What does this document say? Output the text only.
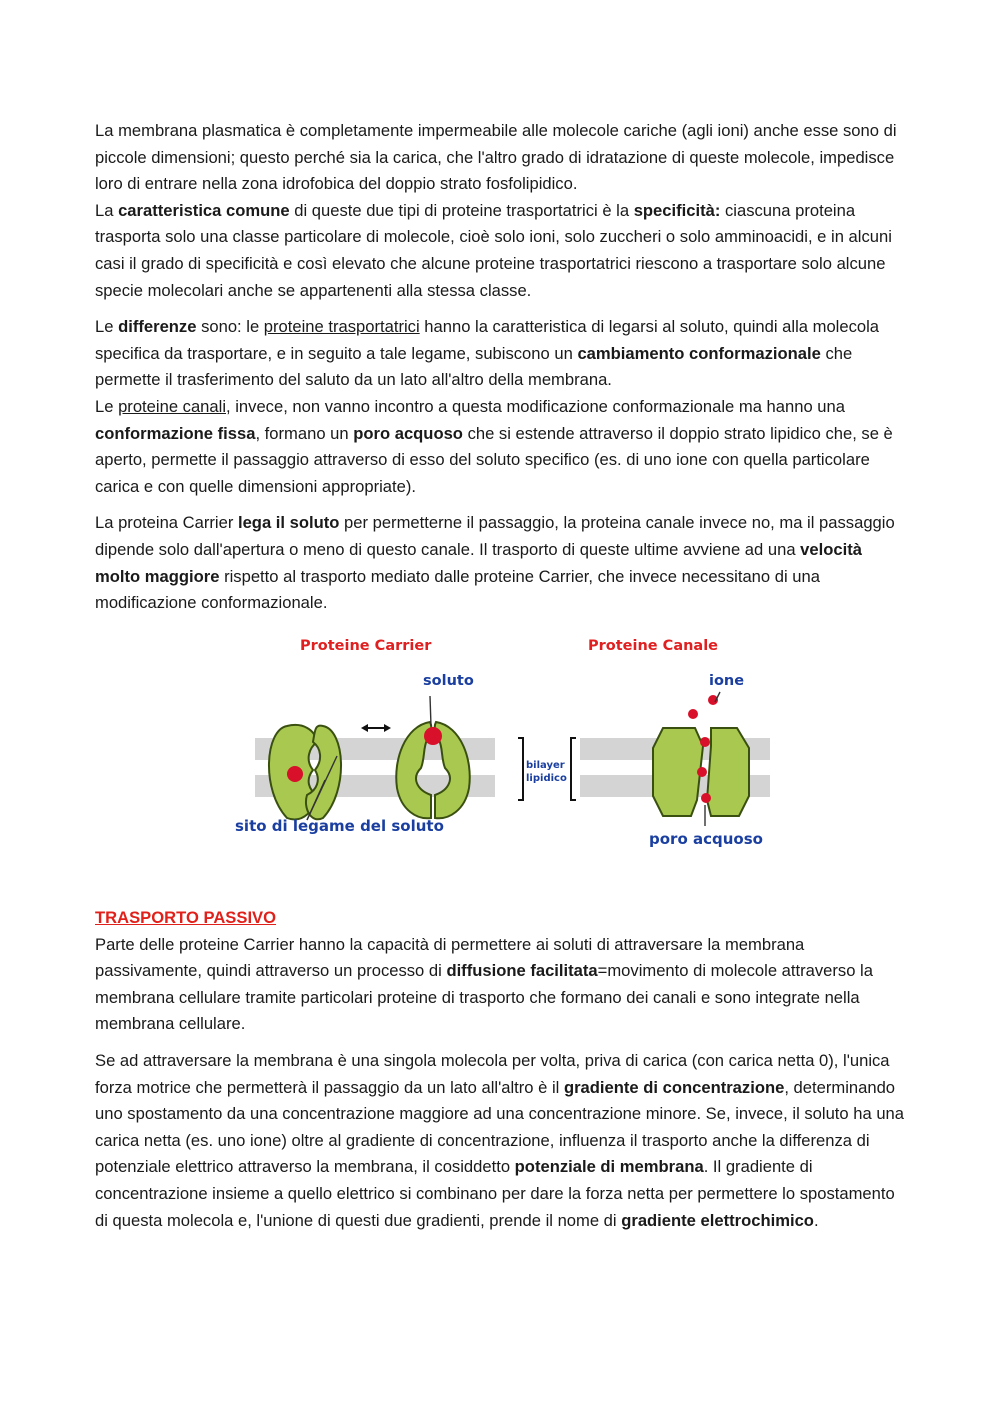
La membrana plasmatica è completamente impermeabile alle molecole cariche (agli ioni) anche esse sono di piccole dimensioni; questo perché sia la carica, che l'altro grado di idratazione di queste molecole, impedisce loro di entrare nella zona idrofobica del doppio strato fosfolipidico.
La caratteristica comune di queste due tipi di proteine trasportatrici è la specificità: ciascuna proteina trasporta solo una classe particolare di molecole, cioè solo ioni, solo zuccheri o solo amminoacidi, e in alcuni casi il grado di specificità e così elevato che alcune proteine trasportatrici riescono a trasportare solo alcune specie molecolari anche se appartenenti alla stessa classe.

Le differenze sono: le proteine trasportatrici hanno la caratteristica di legarsi al soluto, quindi alla molecola specifica da trasportare, e in seguito a tale legame, subiscono un cambiamento conformazionale che permette il trasferimento del saluto da un lato all'altro della membrana.
Le proteine canali, invece, non vanno incontro a questa modificazione conformazionale ma hanno una conformazione fissa, formano un poro acquoso che si estende attraverso il doppio strato lipidico che, se è aperto, permette il passaggio attraverso di esso del soluto specifico (es. di uno ione con quella particolare carica e con quelle dimensioni appropriate).

La proteina Carrier lega il soluto per permetterne il passaggio, la proteina canale invece no, ma il passaggio dipende solo dall'apertura o meno di questo canale. Il trasporto di queste ultime avviene ad una velocità molto maggiore rispetto al trasporto mediato dalle proteine Carrier, che invece necessitano di una modificazione conformazionale.

Proteine Carrier	Proteine Canale
soluto	ione
bilayer
lipidico
sito di legame del soluto
poro acquoso
TRASPORTO PASSIVO

Parte delle proteine Carrier hanno la capacità di permettere ai soluti di attraversare la membrana passivamente, quindi attraverso un processo di diffusione facilitata=movimento di molecole attraverso la membrana cellulare tramite particolari proteine di trasporto che formano dei canali e sono integrate nella membrana cellulare.

Se ad attraversare la membrana è una singola molecola per volta, priva di carica (con carica netta 0), l'unica forza motrice che permetterà il passaggio da un lato all'altro è il gradiente di concentrazione, determinando uno spostamento da una concentrazione maggiore ad una concentrazione minore. Se, invece, il soluto ha una carica netta (es. uno ione) oltre al gradiente di concentrazione, influenza il trasporto anche la differenza di potenziale elettrico attraverso la membrana, il cosiddetto potenziale di membrana. Il gradiente di concentrazione insieme a quello elettrico si combinano per dare la forza netta per permettere lo spostamento di questa molecola e, l'unione di questi due gradienti, prende il nome di gradiente elettrochimico.
